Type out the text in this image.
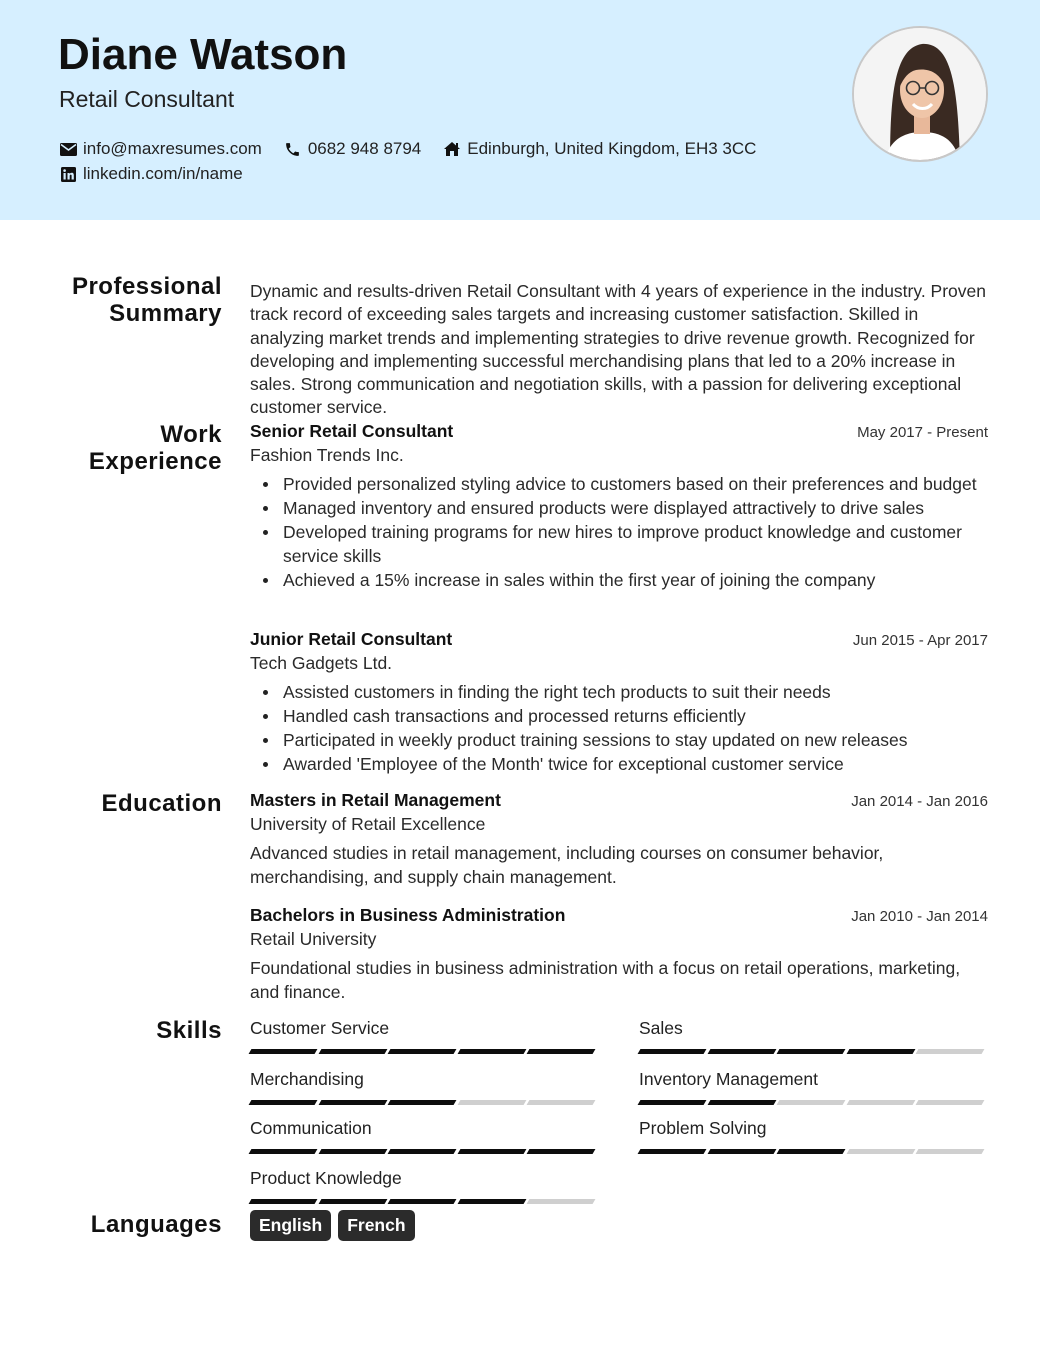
Diane Watson
Retail Consultant
info@maxresumes.com	0682 948 8794	Edinburgh, United Kingdom, EH3 3CC
linkedin.com/in/name
Professional
Summary
Dynamic and results-driven Retail Consultant with 4 years of experience in the industry. Proven track record of exceeding sales targets and increasing customer satisfaction. Skilled in analyzing market trends and implementing strategies to drive revenue growth. Recognized for developing and implementing successful merchandising plans that led to a 20% increase in sales. Strong communication and negotiation skills, with a passion for delivering exceptional customer service.
Work
Experience
Senior Retail Consultant	May 2017 - Present
Fashion Trends Inc.
Provided personalized styling advice to customers based on their preferences and budget
Managed inventory and ensured products were displayed attractively to drive sales
Developed training programs for new hires to improve product knowledge and customer service skills
Achieved a 15% increase in sales within the first year of joining the company
Junior Retail Consultant	Jun 2015 - Apr 2017
Tech Gadgets Ltd.
Assisted customers in finding the right tech products to suit their needs
Handled cash transactions and processed returns efficiently
Participated in weekly product training sessions to stay updated on new releases
Awarded 'Employee of the Month' twice for exceptional customer service
Education Masters in Retail Management	Jan 2014 - Jan 2016
University of Retail Excellence
Advanced studies in retail management, including courses on consumer behavior, merchandising, and supply chain management.
Bachelors in Business Administration	Jan 2010 - Jan 2014
Retail University
Foundational studies in business administration with a focus on retail operations, marketing, and finance.
Skills Customer Service	Sales
Merchandising	Inventory Management
Communication	Problem Solving
Product Knowledge
Languages	English	French
